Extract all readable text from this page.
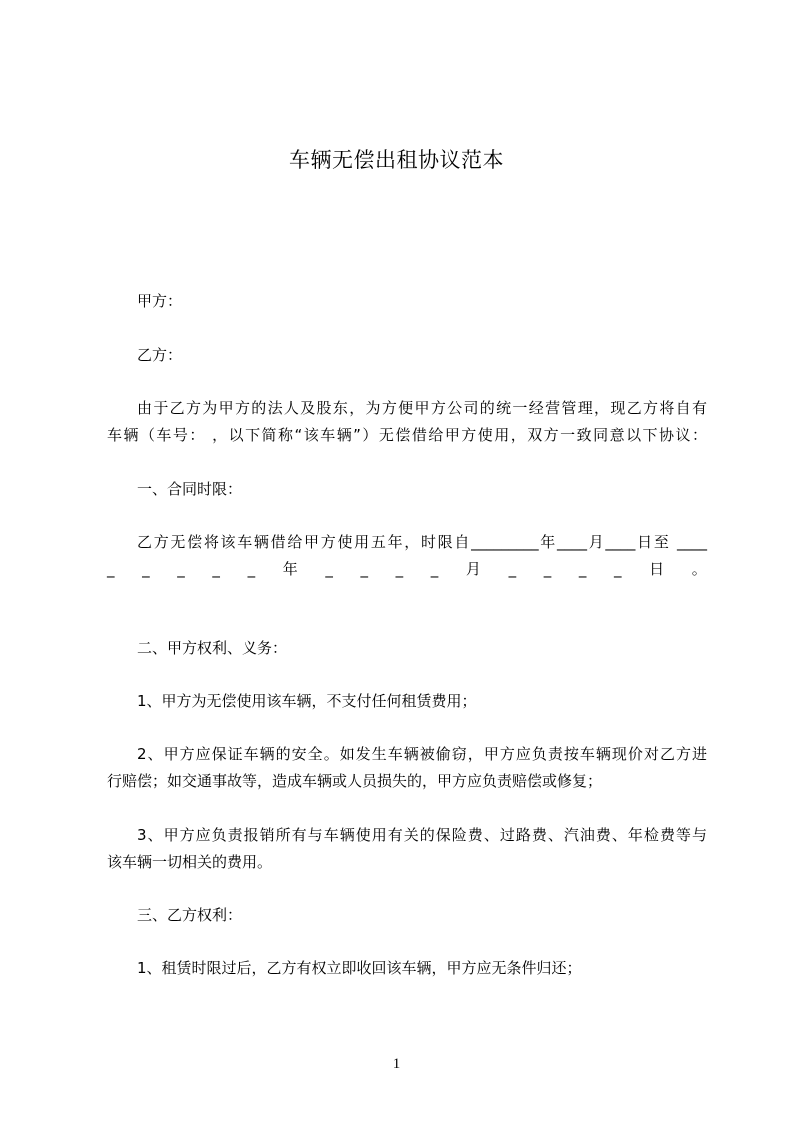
车辆无偿出租协议范本
甲方：
乙方：
由于乙方为甲方的法人及股东，为方便甲方公司的统一经营管理，现乙方将自有
车辆（车号： ，以下简称“该车辆”）无偿借给甲方使用，双方一致同意以下协议：
一、合同时限：
乙方无偿将该车辆借给甲方使用五年，时限自_________年____月____日至 ____
_ _ _ _ _ 年 _ _ _ _ 月 _ _ _ _ 日 。
二、甲方权利、义务：
1、甲方为无偿使用该车辆，不支付任何租赁费用；
2、甲方应保证车辆的安全。如发生车辆被偷窃，甲方应负责按车辆现价对乙方进
行赔偿；如交通事故等，造成车辆或人员损失的，甲方应负责赔偿或修复；
3、甲方应负责报销所有与车辆使用有关的保险费、过路费、汽油费、年检费等与
该车辆一切相关的费用。
三、乙方权利：
1、租赁时限过后，乙方有权立即收回该车辆，甲方应无条件归还；
1
